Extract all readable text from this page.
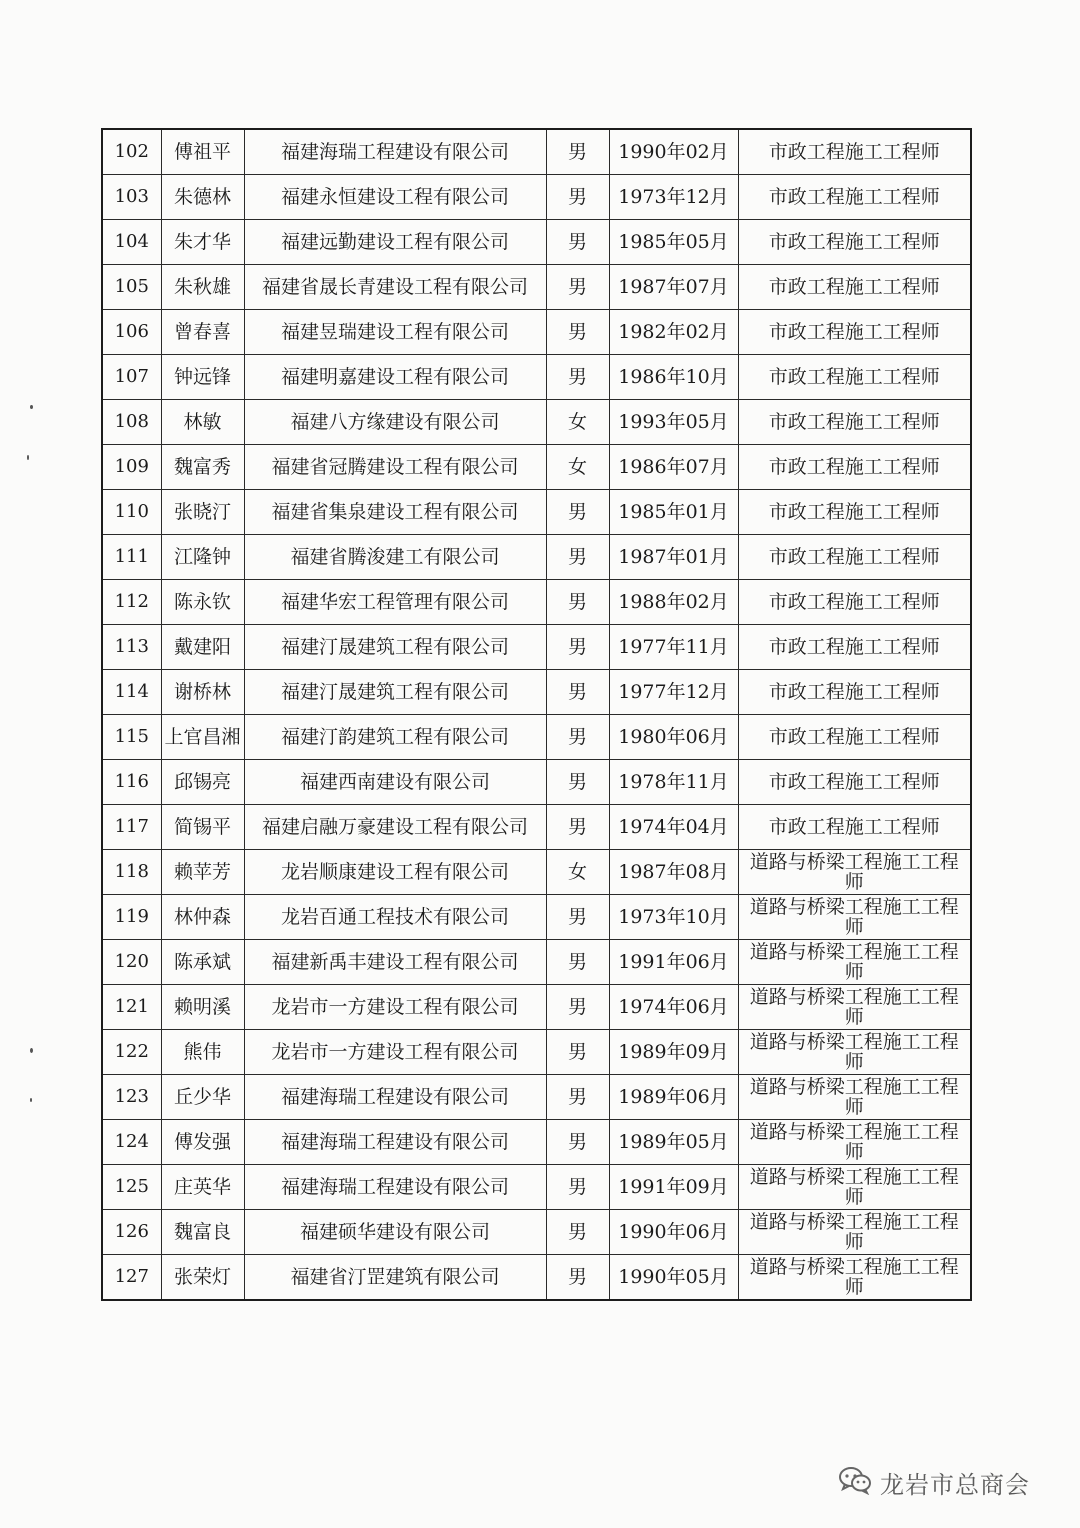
102	傅祖平	福建海瑞工程建设有限公司	男	1990年02月	市政工程施工工程师
103	朱德林	福建永恒建设工程有限公司	男	1973年12月	市政工程施工工程师
104	朱才华	福建远勤建设工程有限公司	男	1985年05月	市政工程施工工程师
105	朱秋雄	福建省晟长青建设工程有限公司	男	1987年07月	市政工程施工工程师
106	曾春喜	福建昱瑞建设工程有限公司	男	1982年02月	市政工程施工工程师
107	钟远锋	福建明嘉建设工程有限公司	男	1986年10月	市政工程施工工程师
108	林敏	福建八方缘建设有限公司	女	1993年05月	市政工程施工工程师
109	魏富秀	福建省冠腾建设工程有限公司	女	1986年07月	市政工程施工工程师
110	张晓汀	福建省集泉建设工程有限公司	男	1985年01月	市政工程施工工程师
111	江隆钟	福建省腾浚建工有限公司	男	1987年01月	市政工程施工工程师
112	陈永钦	福建华宏工程管理有限公司	男	1988年02月	市政工程施工工程师
113	戴建阳	福建汀晟建筑工程有限公司	男	1977年11月	市政工程施工工程师
114	谢桥林	福建汀晟建筑工程有限公司	男	1977年12月	市政工程施工工程师
115	上官昌湘	福建汀韵建筑工程有限公司	男	1980年06月	市政工程施工工程师
116	邱锡亮	福建西南建设有限公司	男	1978年11月	市政工程施工工程师
117	简锡平	福建启融万豪建设工程有限公司	男	1974年04月	市政工程施工工程师
118	赖苹芳	龙岩顺康建设工程有限公司	女	1987年08月	道路与桥梁工程施工工程师
119	林仲森	龙岩百通工程技术有限公司	男	1973年10月	道路与桥梁工程施工工程师
120	陈承斌	福建新禹丰建设工程有限公司	男	1991年06月	道路与桥梁工程施工工程师
121	赖明溪	龙岩市一方建设工程有限公司	男	1974年06月	道路与桥梁工程施工工程师
122	熊伟	龙岩市一方建设工程有限公司	男	1989年09月	道路与桥梁工程施工工程师
123	丘少华	福建海瑞工程建设有限公司	男	1989年06月	道路与桥梁工程施工工程师
124	傅发强	福建海瑞工程建设有限公司	男	1989年05月	道路与桥梁工程施工工程师
125	庄英华	福建海瑞工程建设有限公司	男	1991年09月	道路与桥梁工程施工工程师
126	魏富良	福建硕华建设有限公司	男	1990年06月	道路与桥梁工程施工工程师
127	张荣灯	福建省汀罡建筑有限公司	男	1990年05月	道路与桥梁工程施工工程师
龙岩市总商会
